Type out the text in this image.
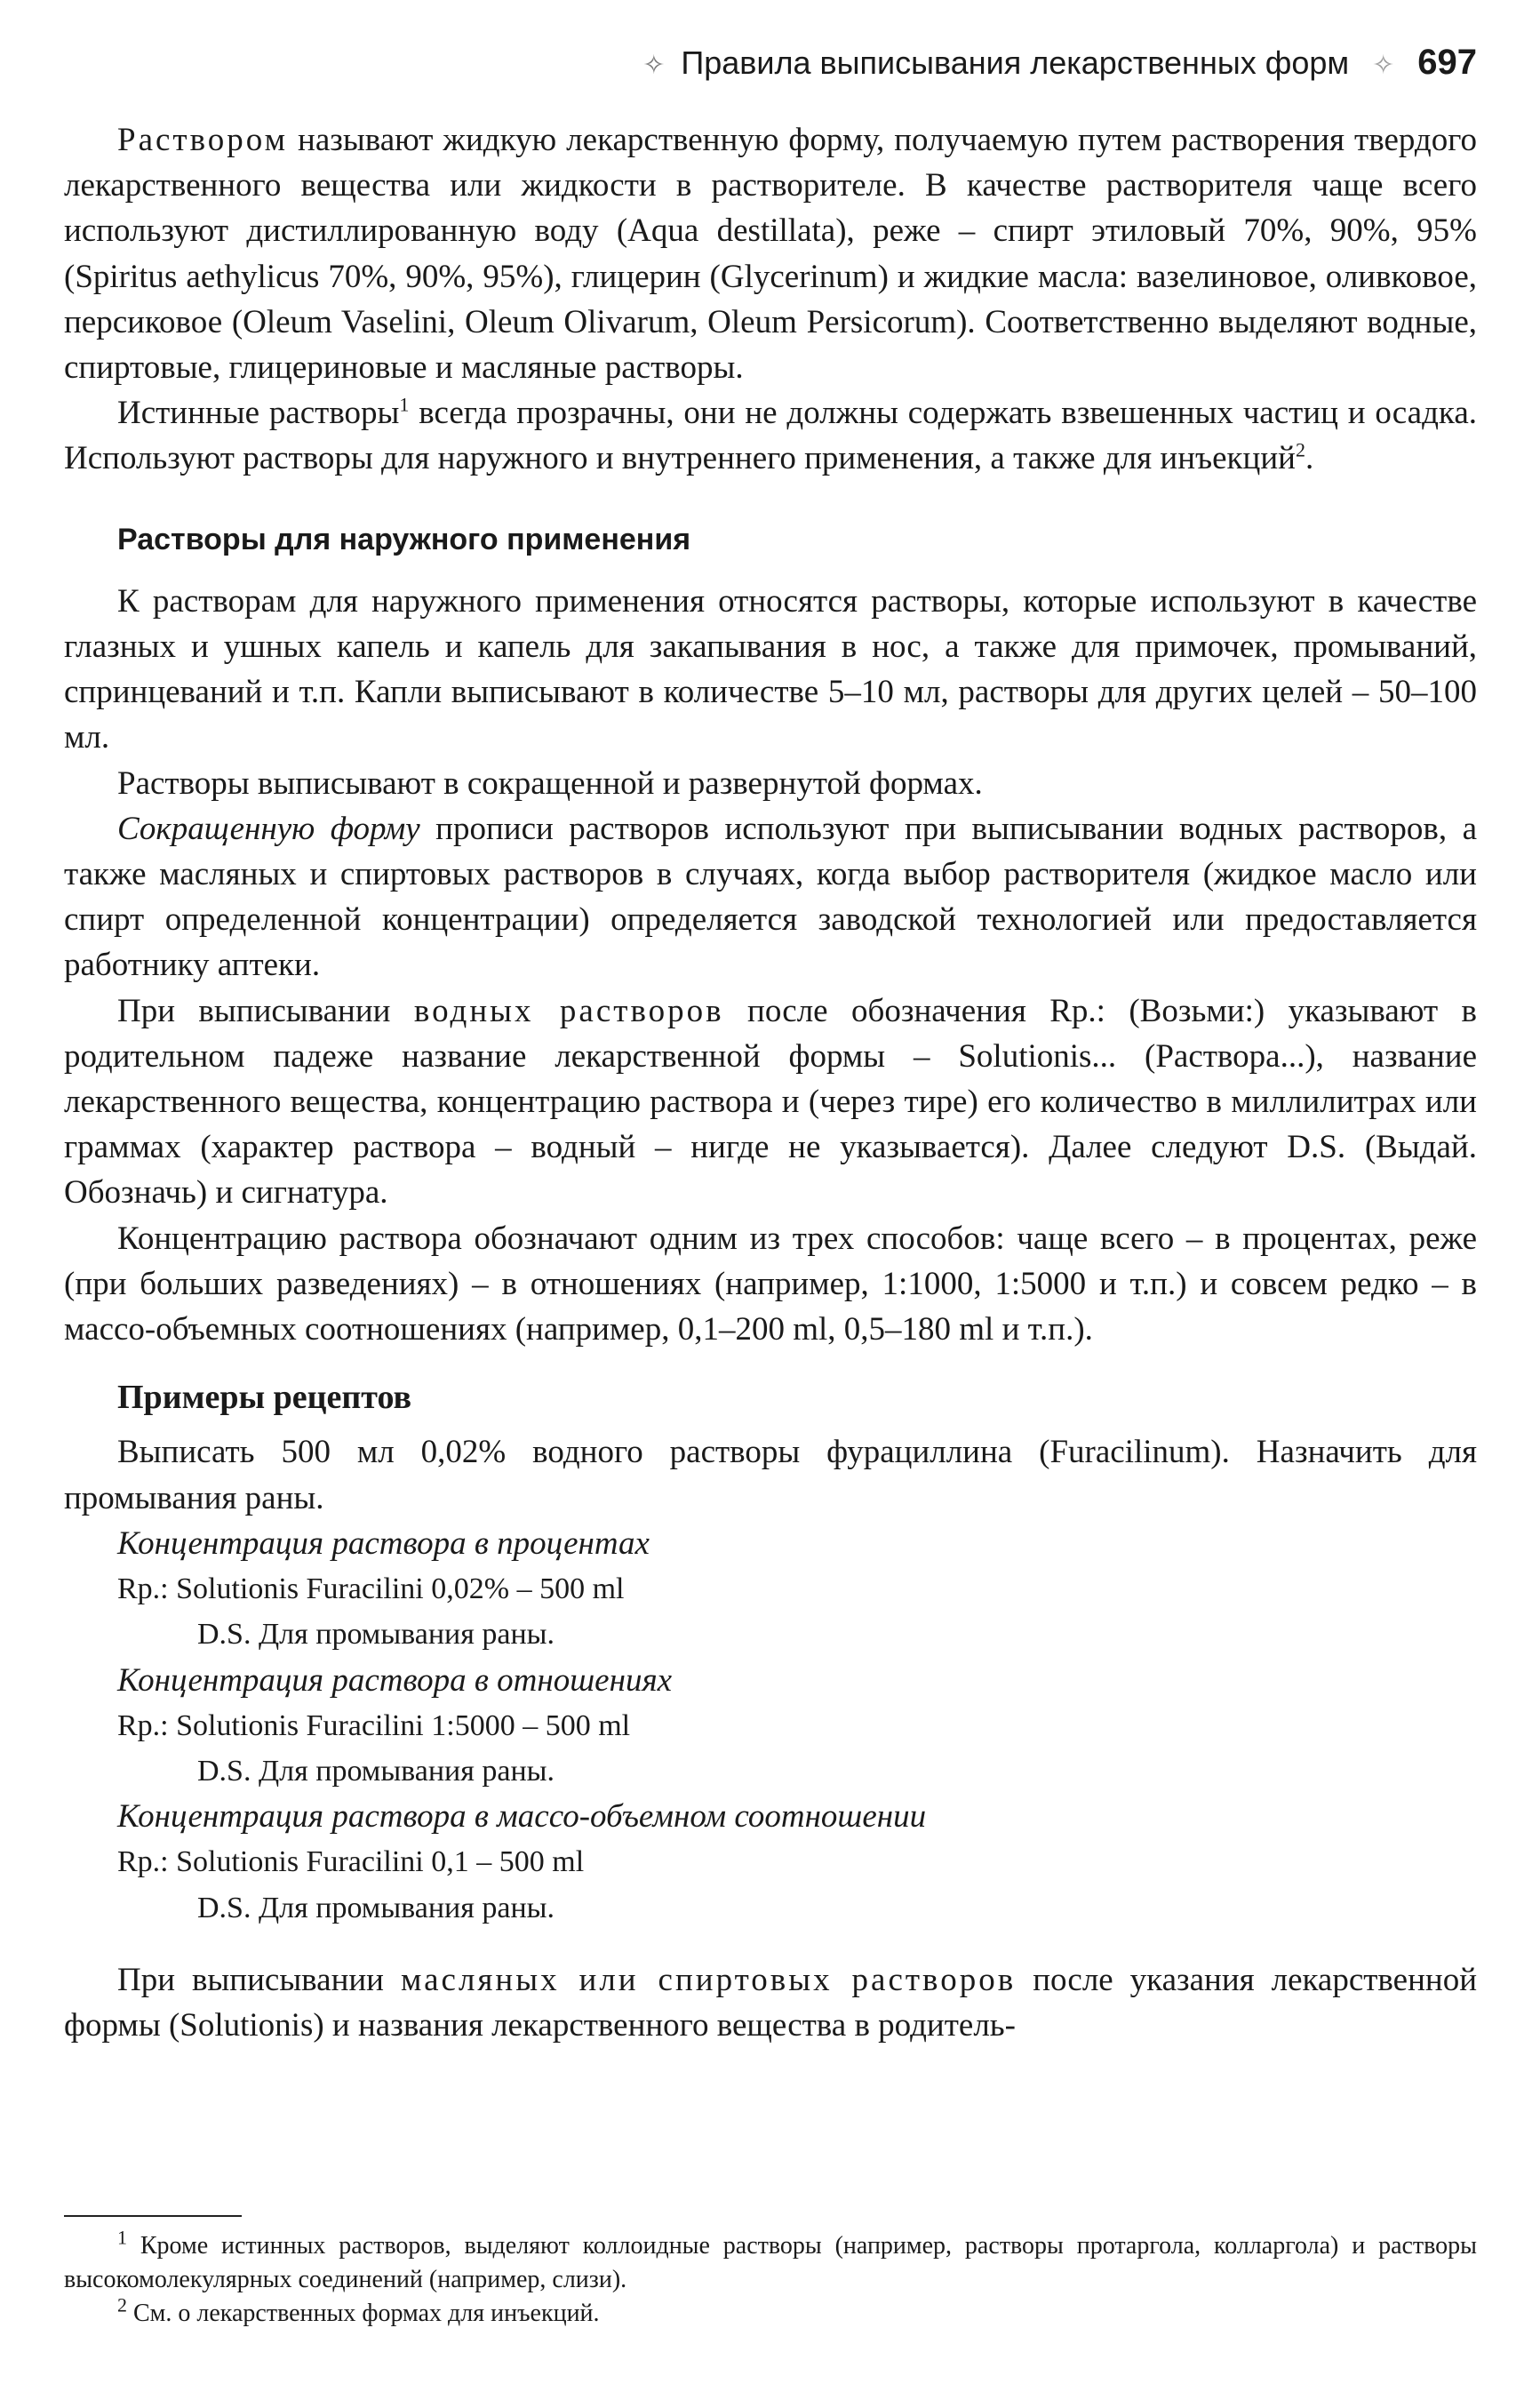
✧ Правила выписывания лекарственных форм ✧ 697

Раствором называют жидкую лекарственную форму, получаемую путем растворения твердого лекарственного вещества или жидкости в растворителе. В качестве растворителя чаще всего используют дистиллированную воду (Aqua destillata), реже – спирт этиловый 70%, 90%, 95% (Spiritus aethylicus 70%, 90%, 95%), глицерин (Glycerinum) и жидкие масла: вазелиновое, оливковое, персиковое (Oleum Vaselini, Oleum Olivarum, Oleum Persicorum). Соответственно выделяют водные, спиртовые, глицериновые и масляные растворы.

Истинные растворы$^1$ всегда прозрачны, они не должны содержать взвешенных частиц и осадка. Используют растворы для наружного и внутреннего применения, а также для инъекций$^2$.

Растворы для наружного применения

К растворам для наружного применения относятся растворы, которые используют в качестве глазных и ушных капель и капель для закапывания в нос, а также для примочек, промываний, спринцеваний и т.п. Капли выписывают в количестве 5–10 мл, растворы для других целей – 50–100 мл.

Растворы выписывают в сокращенной и развернутой формах.

Сокращенную форму прописи растворов используют при выписывании водных растворов, а также масляных и спиртовых растворов в случаях, когда выбор растворителя (жидкое масло или спирт определенной концентрации) определяется заводской технологией или предоставляется работнику аптеки.

При выписывании водных растворов после обозначения Rp.: (Возьми:) указывают в родительном падеже название лекарственной формы – Solutionis... (Раствора...), название лекарственного вещества, концентрацию раствора и (через тире) его количество в миллилитрах или граммах (характер раствора – водный – нигде не указывается). Далее следуют D.S. (Выдай. Обозначь) и сигнатура.

Концентрацию раствора обозначают одним из трех способов: чаще всего – в процентах, реже (при больших разведениях) – в отношениях (например, 1:1000, 1:5000 и т.п.) и совсем редко – в массо-объемных соотношениях (например, 0,1–200 ml, 0,5–180 ml и т.п.).

Примеры рецептов

Выписать 500 мл 0,02% водного растворы фурациллина (Furacilinum). Назначить для промывания раны.

Концентрация раствора в процентах

Rp.: Solutionis Furacilini 0,02% – 500 ml

D.S. Для промывания раны.

Концентрация раствора в отношениях

Rp.: Solutionis Furacilini 1:5000 – 500 ml

D.S. Для промывания раны.

Концентрация раствора в массо-объемном соотношении

Rp.: Solutionis Furacilini 0,1 – 500 ml

D.S. Для промывания раны.

При выписывании масляных или спиртовых растворов после указания лекарственной формы (Solutionis) и названия лекарственного вещества в родитель-

$^1$ Кроме истинных растворов, выделяют коллоидные растворы (например, растворы протаргола, колларгола) и растворы высокомолекулярных соединений (например, слизи).

$^2$ См. о лекарственных формах для инъекций.
